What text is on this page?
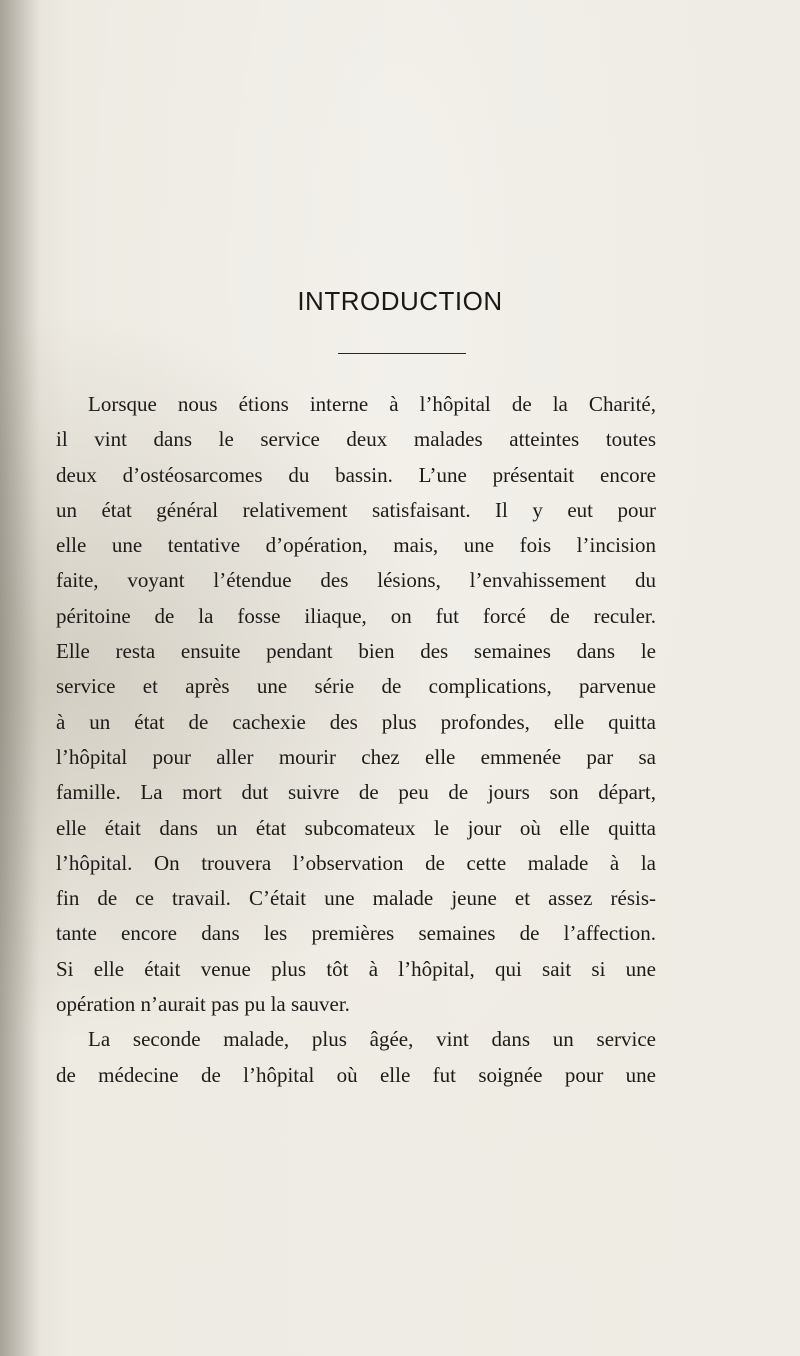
INTRODUCTION
Lorsque nous étions interne à l’hôpital de la Charité,
il vint dans le service deux malades atteintes toutes
deux d’ostéosarcomes du bassin. L’une présentait encore
un état général relativement satisfaisant. Il y eut pour
elle une tentative d’opération, mais, une fois l’incision
faite, voyant l’étendue des lésions, l’envahissement du
péritoine de la fosse iliaque, on fut forcé de reculer.
Elle resta ensuite pendant bien des semaines dans le
service et après une série de complications, parvenue
à un état de cachexie des plus profondes, elle quitta
l’hôpital pour aller mourir chez elle emmenée par sa
famille. La mort dut suivre de peu de jours son départ,
elle était dans un état subcomateux le jour où elle quitta
l’hôpital. On trouvera l’observation de cette malade à la
fin de ce travail. C’était une malade jeune et assez résis-
tante encore dans les premières semaines de l’affection.
Si elle était venue plus tôt à l’hôpital, qui sait si une
opération n’aurait pas pu la sauver.
La seconde malade, plus âgée, vint dans un service
de médecine de l’hôpital où elle fut soignée pour une
